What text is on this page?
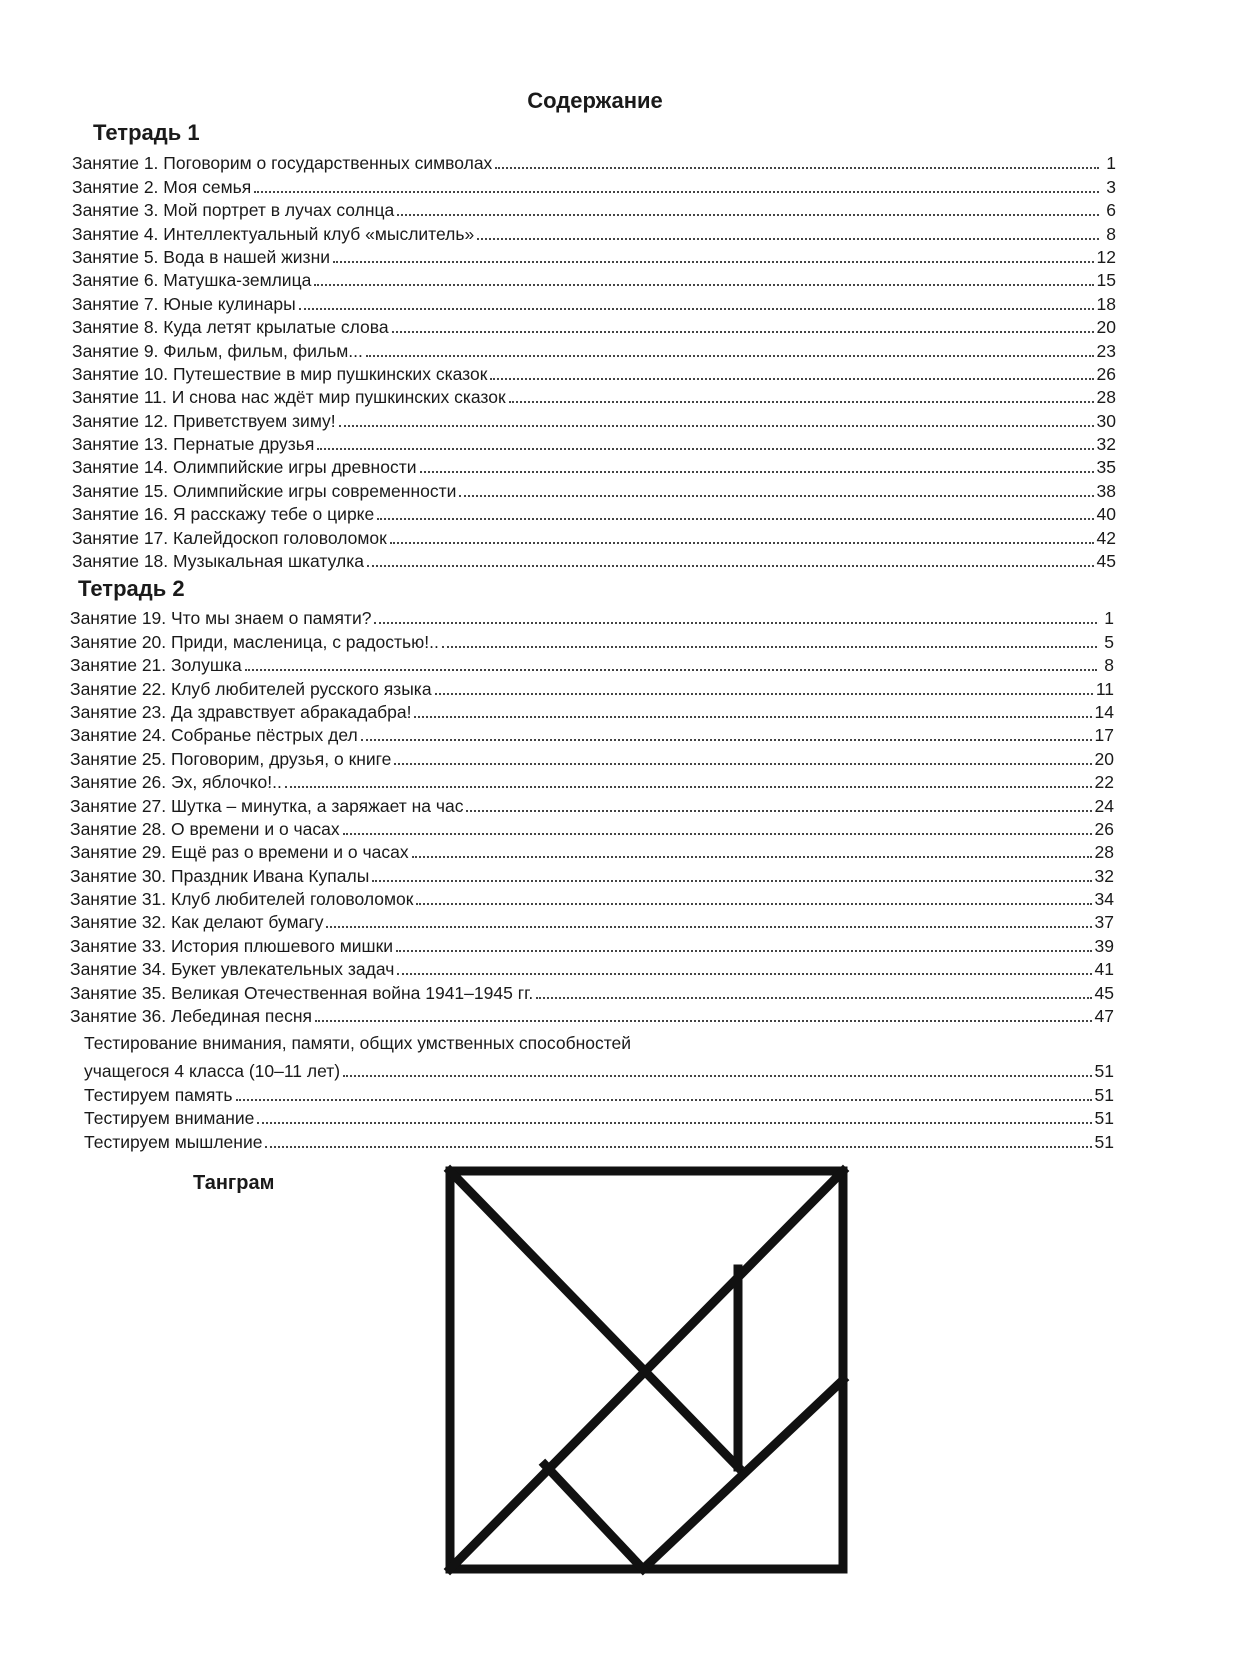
Содержание
Тетрадь 1
Занятие 1. Поговорим о государственных символах	1
Занятие 2. Моя семья	3
Занятие 3. Мой портрет в лучах солнца	6
Занятие 4. Интеллектуальный клуб «мыслитель»	8
Занятие 5. Вода в нашей жизни	12
Занятие 6. Матушка-землица	15
Занятие 7. Юные кулинары	18
Занятие 8. Куда летят крылатые слова	20
Занятие 9. Фильм, фильм, фильм...	23
Занятие 10. Путешествие в мир пушкинских сказок	26
Занятие 11. И снова нас ждёт мир пушкинских сказок	28
Занятие 12. Приветствуем зиму!	30
Занятие 13. Пернатые друзья	32
Занятие 14. Олимпийские игры древности	35
Занятие 15. Олимпийские игры современности	38
Занятие 16. Я расскажу тебе о цирке	40
Занятие 17. Калейдоскоп головоломок	42
Занятие 18. Музыкальная шкатулка	45
Тетрадь 2
Занятие 19. Что мы знаем о памяти?	1
Занятие 20. Приди, масленица, с радостью!..	5
Занятие 21. Золушка	8
Занятие 22. Клуб любителей русского языка	11
Занятие 23. Да здравствует абракадабра!	14
Занятие 24. Собранье пёстрых дел	17
Занятие 25. Поговорим, друзья, о книге	20
Занятие 26. Эх, яблочко!..	22
Занятие 27. Шутка – минутка, а заряжает на час	24
Занятие 28. О времени и о часах	26
Занятие 29. Ещё раз о времени и о часах	28
Занятие 30. Праздник Ивана Купалы	32
Занятие 31. Клуб любителей головоломок	34
Занятие 32. Как делают бумагу	37
Занятие 33. История плюшевого мишки	39
Занятие 34. Букет увлекательных задач	41
Занятие 35. Великая Отечественная война 1941–1945 гг.	45
Занятие 36. Лебединая песня	47
Тестирование внимания, памяти, общих умственных способностей
учащегося 4 класса (10–11 лет)	51
Тестируем память	51
Тестируем внимание	51
Тестируем мышление	51
Танграм
